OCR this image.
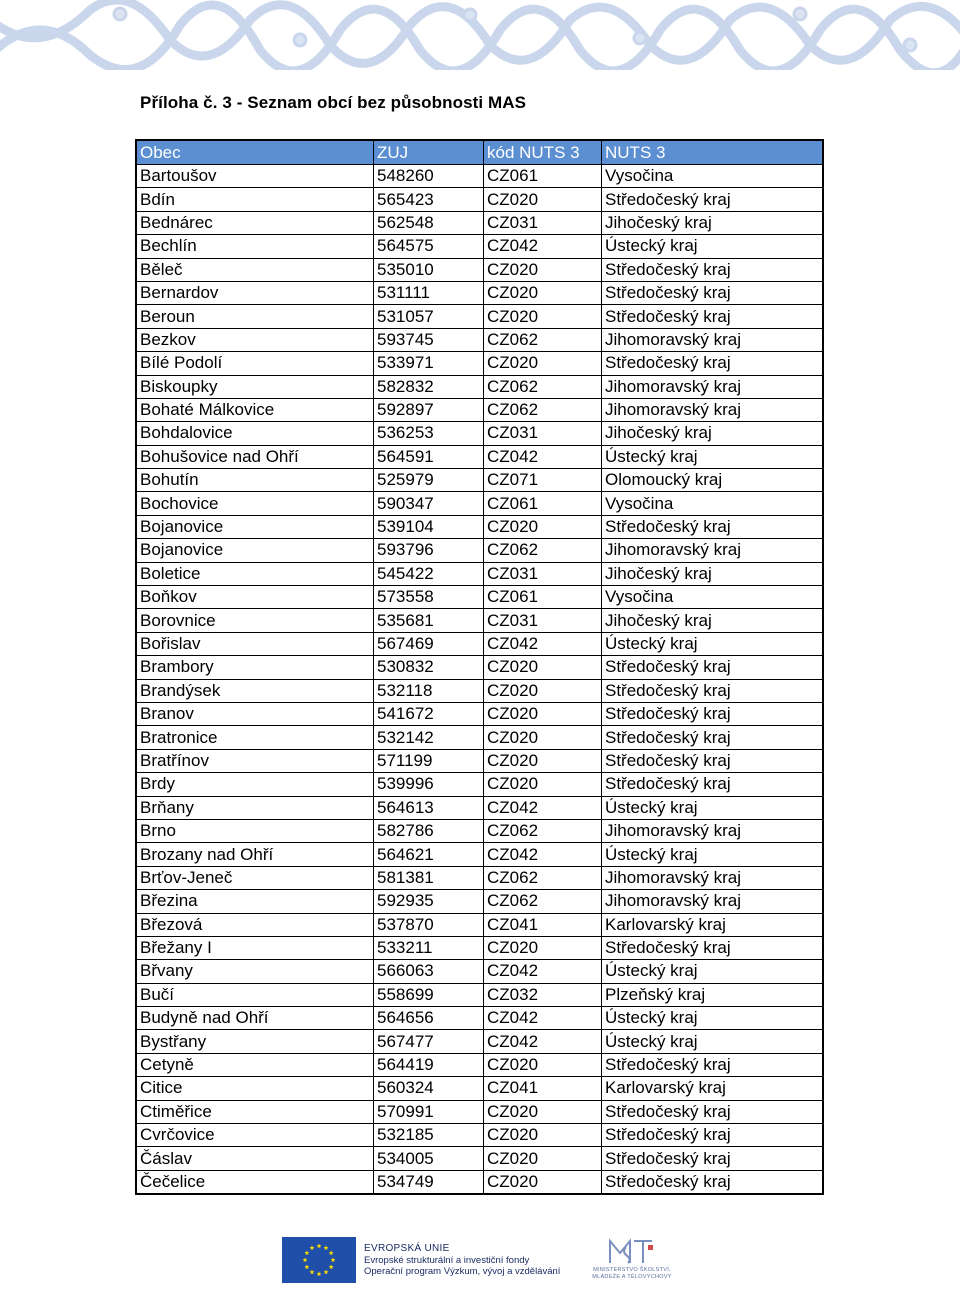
Příloha č. 3 - Seznam obcí bez působnosti MAS
Obec	ZUJ	kód NUTS 3	NUTS 3
Bartoušov	548260	CZ061	Vysočina
Bdín	565423	CZ020	Středočeský kraj
Bednárec	562548	CZ031	Jihočeský kraj
Bechlín	564575	CZ042	Ústecký kraj
Běleč	535010	CZ020	Středočeský kraj
Bernardov	531111	CZ020	Středočeský kraj
Beroun	531057	CZ020	Středočeský kraj
Bezkov	593745	CZ062	Jihomoravský kraj
Bílé Podolí	533971	CZ020	Středočeský kraj
Biskoupky	582832	CZ062	Jihomoravský kraj
Bohaté Málkovice	592897	CZ062	Jihomoravský kraj
Bohdalovice	536253	CZ031	Jihočeský kraj
Bohušovice nad Ohří	564591	CZ042	Ústecký kraj
Bohutín	525979	CZ071	Olomoucký kraj
Bochovice	590347	CZ061	Vysočina
Bojanovice	539104	CZ020	Středočeský kraj
Bojanovice	593796	CZ062	Jihomoravský kraj
Boletice	545422	CZ031	Jihočeský kraj
Boňkov	573558	CZ061	Vysočina
Borovnice	535681	CZ031	Jihočeský kraj
Bořislav	567469	CZ042	Ústecký kraj
Brambory	530832	CZ020	Středočeský kraj
Brandýsek	532118	CZ020	Středočeský kraj
Branov	541672	CZ020	Středočeský kraj
Bratronice	532142	CZ020	Středočeský kraj
Bratřínov	571199	CZ020	Středočeský kraj
Brdy	539996	CZ020	Středočeský kraj
Brňany	564613	CZ042	Ústecký kraj
Brno	582786	CZ062	Jihomoravský kraj
Brozany nad Ohří	564621	CZ042	Ústecký kraj
Brťov-Jeneč	581381	CZ062	Jihomoravský kraj
Březina	592935	CZ062	Jihomoravský kraj
Březová	537870	CZ041	Karlovarský kraj
Břežany I	533211	CZ020	Středočeský kraj
Břvany	566063	CZ042	Ústecký kraj
Bučí	558699	CZ032	Plzeňský kraj
Budyně nad Ohří	564656	CZ042	Ústecký kraj
Bystřany	567477	CZ042	Ústecký kraj
Cetyně	564419	CZ020	Středočeský kraj
Citice	560324	CZ041	Karlovarský kraj
Ctiměřice	570991	CZ020	Středočeský kraj
Cvrčovice	532185	CZ020	Středočeský kraj
Čáslav	534005	CZ020	Středočeský kraj
Čečelice	534749	CZ020	Středočeský kraj
EVROPSKÁ UNIE
Evropské strukturální a investiční fondy
Operační program Výzkum, vývoj a vzdělávání	MINISTERSTVO ŠKOLSTVÍ,
MLÁDEŽE A TĚLOVÝCHOVY
